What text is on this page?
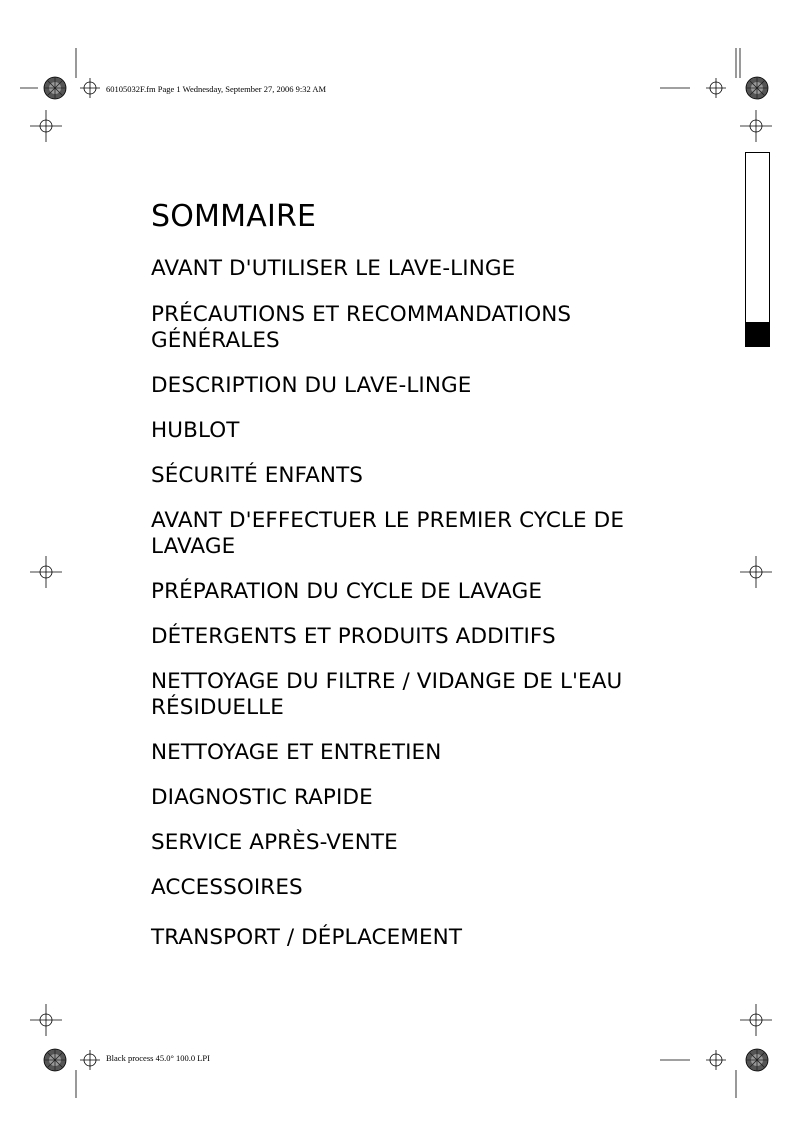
60105032F.fm Page 1 Wednesday, September 27, 2006 9:32 AM
Black process 45.0° 100.0 LPI
SOMMAIRE
AVANT D'UTILISER LE LAVE-LINGE
PRÉCAUTIONS ET RECOMMANDATIONS
GÉNÉRALES
DESCRIPTION DU LAVE-LINGE
HUBLOT
SÉCURITÉ ENFANTS
AVANT D'EFFECTUER LE PREMIER CYCLE DE
LAVAGE
PRÉPARATION DU CYCLE DE LAVAGE
DÉTERGENTS ET PRODUITS ADDITIFS
NETTOYAGE DU FILTRE / VIDANGE DE L'EAU
RÉSIDUELLE
NETTOYAGE ET ENTRETIEN
DIAGNOSTIC RAPIDE
SERVICE APRÈS-VENTE
ACCESSOIRES
TRANSPORT / DÉPLACEMENT
